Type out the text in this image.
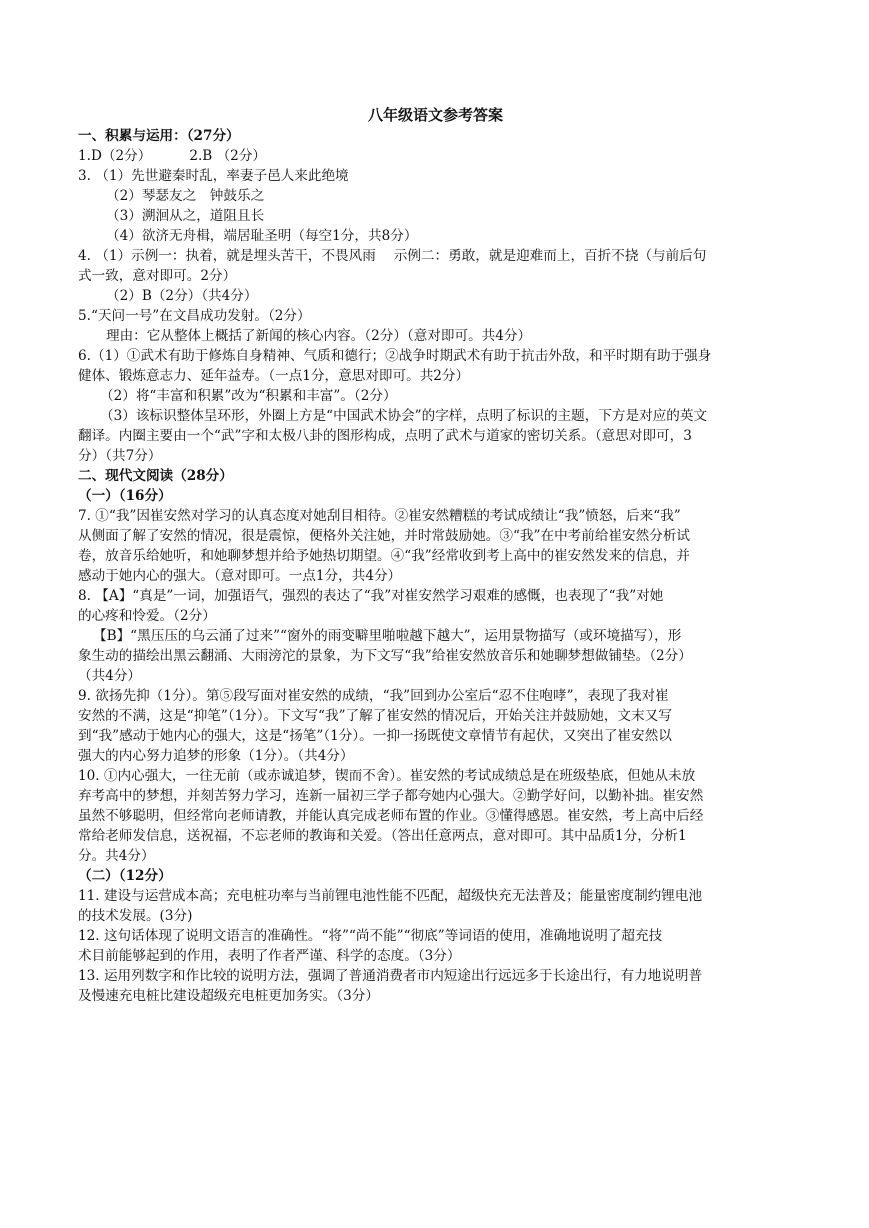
八年级语文参考答案
一、积累与运用：（27分）
1.D（2分）	2.B （2分）
3. （1）先世避秦时乱，率妻子邑人来此绝境
（2）琴瑟友之　钟鼓乐之
（3）溯洄从之，道阻且长
（4）欲济无舟楫，端居耻圣明（每空1分，共8分）
4. （1）示例一：执着，就是埋头苦干，不畏风雨　 示例二：勇敢，就是迎难而上，百折不挠（与前后句
式一致，意对即可。2分）
（2）B（2分）（共4分）
5.“天问一号”在文昌成功发射。（2分）
理由：它从整体上概括了新闻的核心内容。（2分）（意对即可。共4分）
6.（1）①武术有助于修炼自身精神、气质和德行；②战争时期武术有助于抗击外敌，和平时期有助于强身
健体、锻炼意志力、延年益寿。（一点1分，意思对即可。共2分）
（2）将“丰富和积累”改为“积累和丰富”。（2分）
（3）该标识整体呈环形，外圈上方是“中国武术协会”的字样，点明了标识的主题，下方是对应的英文
翻译。内圈主要由一个“武”字和太极八卦的图形构成，点明了武术与道家的密切关系。（意思对即可，3
分）（共7分）
二、现代文阅读（28分）
（一）（16分）
7. ①“我”因崔安然对学习的认真态度对她刮目相待。②崔安然糟糕的考试成绩让“我”愤怒，后来“我”
从侧面了解了安然的情况，很是震惊，便格外关注她，并时常鼓励她。③“我”在中考前给崔安然分析试
卷，放音乐给她听，和她聊梦想并给予她热切期望。④“我”经常收到考上高中的崔安然发来的信息，并
感动于她内心的强大。（意对即可。一点1分，共4分）
8. 【A】“真是”一词，加强语气，强烈的表达了“我”对崔安然学习艰难的感慨，也表现了“我”对她
的心疼和怜爱。（2分）
【B】“黑压压的乌云涌了过来”“窗外的雨变噼里啪啦越下越大”，运用景物描写（或环境描写），形
象生动的描绘出黑云翻涌、大雨滂沱的景象，为下文写“我”给崔安然放音乐和她聊梦想做铺垫。（2分）
（共4分）
9. 欲扬先抑（1分）。第⑤段写面对崔安然的成绩，“我”回到办公室后“忍不住咆哮”，表现了我对崔
安然的不满，这是“抑笔”（1分）。下文写“我”了解了崔安然的情况后，开始关注并鼓励她，文末又写
到“我”感动于她内心的强大，这是“扬笔”（1分）。一抑一扬既使文章情节有起伏，又突出了崔安然以
强大的内心努力追梦的形象（1分）。（共4分）
10. ①内心强大，一往无前（或赤诚追梦，锲而不舍）。崔安然的考试成绩总是在班级垫底，但她从未放
弃考高中的梦想，并刻苦努力学习，连新一届初三学子都夸她内心强大。②勤学好问，以勤补拙。崔安然
虽然不够聪明，但经常向老师请教，并能认真完成老师布置的作业。③懂得感恩。崔安然，考上高中后经
常给老师发信息，送祝福，不忘老师的教诲和关爱。（答出任意两点，意对即可。其中品质1分，分析1
分。共4分）
（二）（12分）
11. 建设与运营成本高；充电桩功率与当前锂电池性能不匹配，超级快充无法普及；能量密度制约锂电池
的技术发展。(3分)
12. 这句话体现了说明文语言的准确性。“将”“尚不能”“彻底”等词语的使用，准确地说明了超充技
术目前能够起到的作用，表明了作者严谨、科学的态度。（3分）
13. 运用列数字和作比较的说明方法，强调了普通消费者市内短途出行远远多于长途出行，有力地说明普
及慢速充电桩比建设超级充电桩更加务实。（3分）
